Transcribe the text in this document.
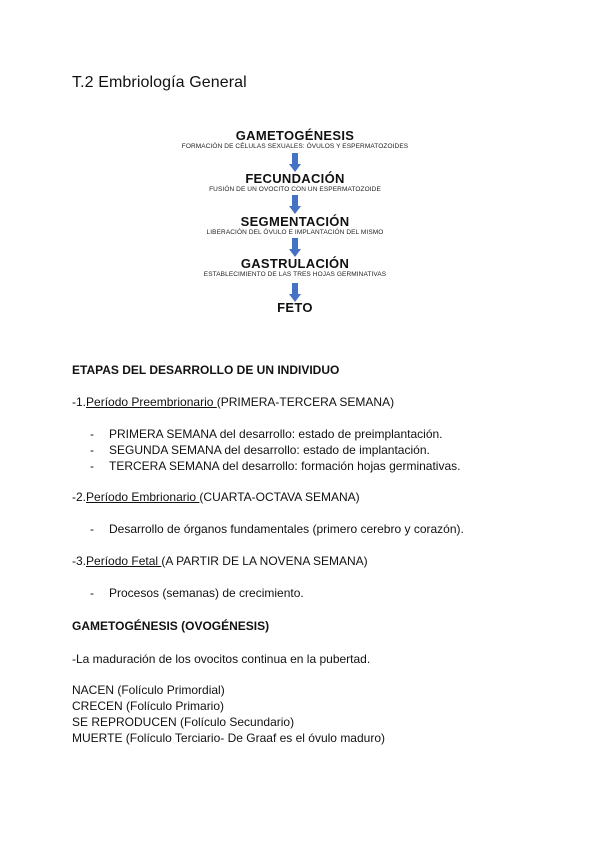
T.2 Embriología General
GAMETOGÉNESIS
FORMACIÓN DE CÉLULAS SEXUALES: ÓVULOS Y ESPERMATOZOIDES
FECUNDACIÓN
FUSIÓN DE UN OVOCITO CON UN ESPERMATOZOIDE
SEGMENTACIÓN
LIBERACIÓN DEL ÓVULO E IMPLANTACIÓN DEL MISMO
GASTRULACIÓN
ESTABLECIMIENTO DE LAS TRES HOJAS GERMINATIVAS
FETO
ETAPAS DEL DESARROLLO DE UN INDIVIDUO
-1.Período Preembrionario (PRIMERA-TERCERA SEMANA)
- PRIMERA SEMANA del desarrollo: estado de preimplantación.
- SEGUNDA SEMANA del desarrollo: estado de implantación.
- TERCERA SEMANA del desarrollo: formación hojas germinativas.
-2.Período Embrionario (CUARTA-OCTAVA SEMANA)
- Desarrollo de órganos fundamentales (primero cerebro y corazón).
-3.Período Fetal (A PARTIR DE LA NOVENA SEMANA)
- Procesos (semanas) de crecimiento.
GAMETOGÉNESIS (OVOGÉNESIS)
-La maduración de los ovocitos continua en la pubertad.
NACEN (Folículo Primordial)
CRECEN (Folículo Primario)
SE REPRODUCEN (Folículo Secundario)
MUERTE (Folículo Terciario- De Graaf es el óvulo maduro)
